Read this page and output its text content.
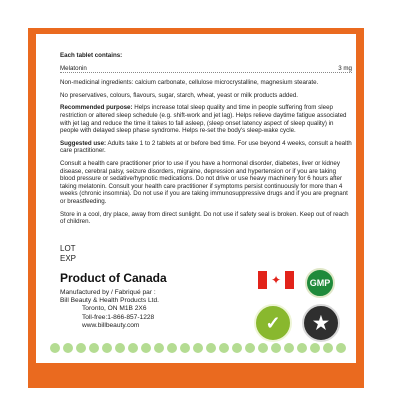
Each tablet contains:

Melatonin	3 mg

Non-medicinal ingredients: calcium carbonate, cellulose microcrystalline, magnesium stearate.

No preservatives, colours, flavours, sugar, starch, wheat, yeast or milk products added.

Recommended purpose: Helps increase total sleep quality and time in people suffering from sleep restriction or altered sleep schedule (e.g. shift-work and jet lag). Helps relieve daytime fatigue associated with jet lag and reduce the time it takes to fall asleep, (sleep onset latency aspect of sleep quality) in people with delayed sleep phase syndrome. Helps re-set the body's sleep-wake cycle.

Suggested use: Adults take 1 to 2 tablets at or before bed time. For use beyond 4 weeks, consult a health care practitioner.

Consult a health care practitioner prior to use if you have a hormonal disorder, diabetes, liver or kidney disease, cerebral palsy, seizure disorders, migraine, depression and hypertension or if you are taking blood pressure or sedative/hypnotic medications. Do not drive or use heavy machinery for 6 hours after taking melatonin. Consult your health care practitioner if symptoms persist continuously for more than 4 weeks (chronic insomnia). Do not use if you are taking immunosuppressive drugs and if you are pregnant or breastfeeding.

Store in a cool, dry place, away from direct sunlight. Do not use if safety seal is broken. Keep out of reach of children.

LOT
EXP
Product of Canada
Manufactured by / Fabriqué par :
Bill Beauty & Health Products Ltd.
Toronto, ON M1B 2X6
Toll-free:1-866-857-1228
www.billbeauty.com
✦	GMP
✓	★
